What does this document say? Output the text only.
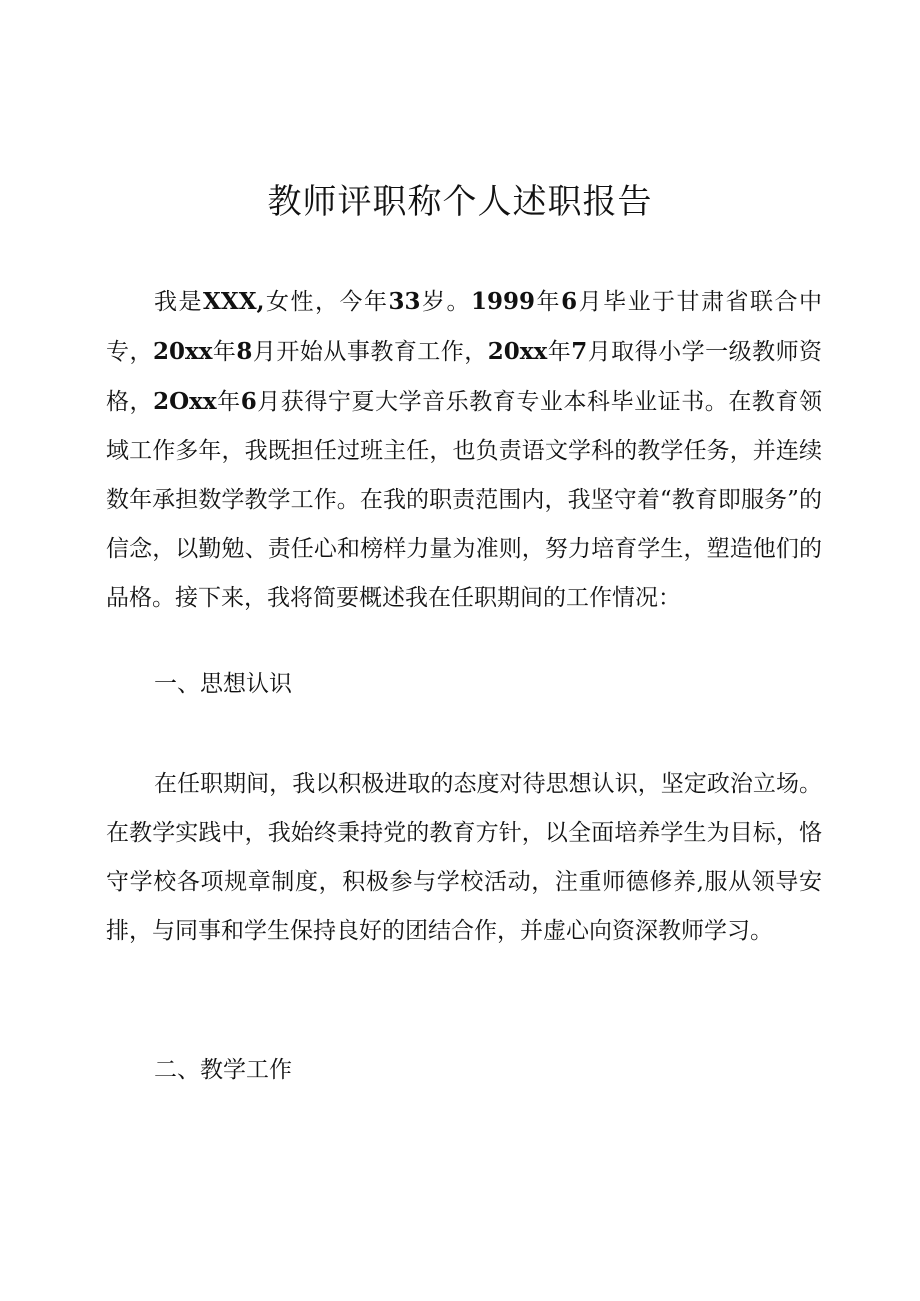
教师评职称个人述职报告

我是XXX,女性，今年33岁。1999年6月毕业于甘肃省联合中专，20xx年8月开始从事教育工作，20xx年7月取得小学一级教师资格，2Oxx年6月获得宁夏大学音乐教育专业本科毕业证书。在教育领域工作多年，我既担任过班主任，也负责语文学科的教学任务，并连续数年承担数学教学工作。在我的职责范围内，我坚守着“教育即服务”的信念，以勤勉、责任心和榜样力量为准则，努力培育学生，塑造他们的品格。接下来，我将简要概述我在任职期间的工作情况：

一、思想认识

在任职期间，我以积极进取的态度对待思想认识，坚定政治立场。在教学实践中，我始终秉持党的教育方针，以全面培养学生为目标，恪守学校各项规章制度，积极参与学校活动，注重师德修养,服从领导安排，与同事和学生保持良好的团结合作，并虚心向资深教师学习。

二、教学工作
